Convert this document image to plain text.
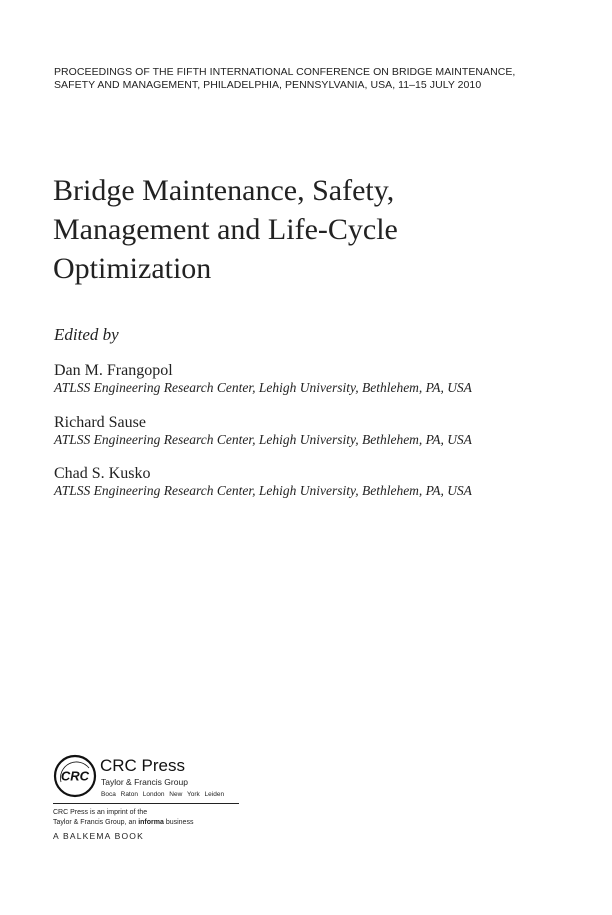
PROCEEDINGS OF THE FIFTH INTERNATIONAL CONFERENCE ON BRIDGE MAINTENANCE,
SAFETY AND MANAGEMENT, PHILADELPHIA, PENNSYLVANIA, USA, 11–15 JULY 2010
Bridge Maintenance, Safety,
Management and Life-Cycle
Optimization
Edited by
Dan M. Frangopol
ATLSS Engineering Research Center, Lehigh University, Bethlehem, PA, USA
Richard Sause
ATLSS Engineering Research Center, Lehigh University, Bethlehem, PA, USA
Chad S. Kusko
ATLSS Engineering Research Center, Lehigh University, Bethlehem, PA, USA
CRC
CRC Press
Taylor & Francis Group
Boca Raton London New York Leiden
CRC Press is an imprint of the
Taylor & Francis Group, an informa business
A BALKEMA BOOK
